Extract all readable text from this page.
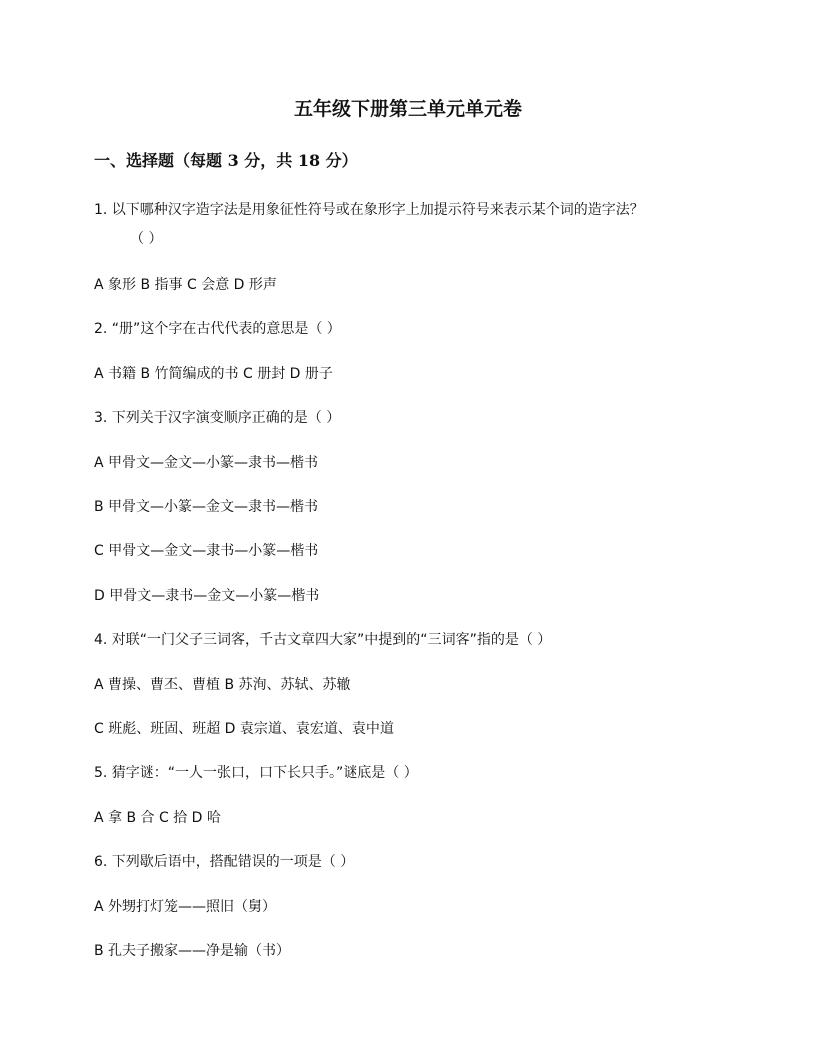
五年级下册第三单元单元卷
一、选择题（每题 3 分，共 18 分）
1. 以下哪种汉字造字法是用象征性符号或在象形字上加提示符号来表示某个词的造字法？
（ ）
A 象形 B 指事 C 会意 D 形声
2. “册”这个字在古代代表的意思是（ ）
A 书籍 B 竹简编成的书 C 册封 D 册子
3. 下列关于汉字演变顺序正确的是（ ）
A 甲骨文—金文—小篆—隶书—楷书
B 甲骨文—小篆—金文—隶书—楷书
C 甲骨文—金文—隶书—小篆—楷书
D 甲骨文—隶书—金文—小篆—楷书
4. 对联“一门父子三词客，千古文章四大家”中提到的“三词客”指的是（ ）
A 曹操、曹丕、曹植 B 苏洵、苏轼、苏辙
C 班彪、班固、班超 D 袁宗道、袁宏道、袁中道
5. 猜字谜：“一人一张口，口下长只手。”谜底是（ ）
A 拿 B 合 C 拾 D 哈
6. 下列歇后语中，搭配错误的一项是（ ）
A 外甥打灯笼——照旧（舅）
B 孔夫子搬家——净是输（书）
